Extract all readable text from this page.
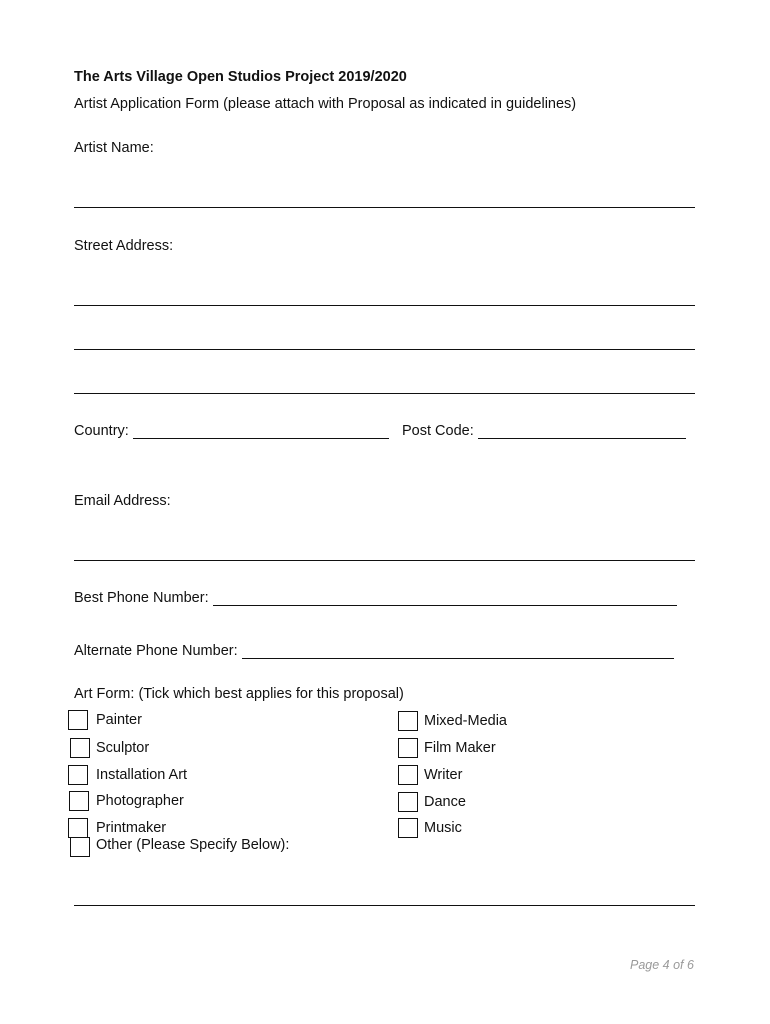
The Arts Village Open Studios Project 2019/2020
Artist Application Form (please attach with Proposal as indicated in guidelines)
Artist Name:
Street Address:
Country:	Post Code:
Email Address:
Best Phone Number:
Alternate Phone Number:
Art Form: (Tick which best applies for this proposal)
Painter
Sculptor
Installation Art
Photographer
Printmaker
Other (Please Specify Below):
Mixed-Media
Film Maker
Writer
Dance
Music
Page 4 of 6
